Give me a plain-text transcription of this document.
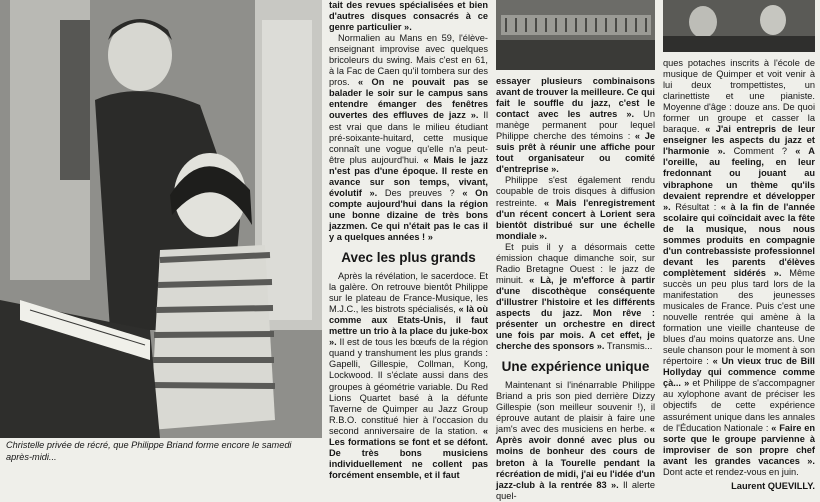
Christelle privée de récré, que Philippe Briand forme encore le samedi après-midi...

tait des revues spécialisées et bien d'autres disques consacrés à ce genre particulier ».

Normalien au Mans en 59, l'élève-enseignant improvise avec quelques bricoleurs du swing. Mais c'est en 61, à la Fac de Caen qu'il tombera sur des pros. « On ne pouvait pas se balader le soir sur le campus sans entendre émanger des fenêtres ouvertes des effluves de jazz ». Il est vrai que dans le milieu étudiant pré-soixante-huitard, cette musique connaît une vogue qu'elle n'a peut-être plus aujourd'hui. « Mais le jazz n'est pas d'une époque. Il reste en avance sur son temps, vivant, évolutif ». Des preuves ? « On compte aujourd'hui dans la région une bonne dizaine de très bons jazzmen. Ce qui n'était pas le cas il y a quelques années ! »

Avec les plus grands

Après la révélation, le sacerdoce. Et la galère. On retrouve bientôt Philippe sur le plateau de France-Musique, les M.J.C., les bistrots spécialisés, « là où comme aux Etats-Unis, il faut mettre un trio à la place du juke-box ». Il est de tous les bœufs de la région quand y transhument les plus grands : Gapelli, Gillespie, Collman, Kong, Lockwood. Il s'éclate aussi dans des groupes à géométrie variable. Du Red Lions Quartet basé à la défunte Taverne de Quimper au Jazz Group R.B.O. constitué hier à l'occasion du second anniversaire de la station. « Les formations se font et se défont. De très bons musiciens individuellement ne collent pas forcément ensemble, et il faut

essayer plusieurs combinaisons avant de trouver la meilleure. Ce qui fait le souffle du jazz, c'est le contact avec les autres ». Un manège permanent pour lequel Philippe cherche des témoins : « Je suis prêt à réunir une affiche pour tout organisateur ou comité d'entreprise ».

Philippe s'est également rendu coupable de trois disques à diffusion restreinte. « Mais l'enregistrement d'un récent concert à Lorient sera bientôt distribué sur une échelle mondiale ».

Et puis il y a désormais cette émission chaque dimanche soir, sur Radio Bretagne Ouest : le jazz de minuit. « Là, je m'efforce à partir d'une discothèque conséquente d'illustrer l'histoire et les différents aspects du jazz. Mon rêve : présenter un orchestre en direct une fois par mois. A cet effet, je cherche des sponsors ». Transmis...

Une expérience unique

Maintenant si l'inénarrable Philippe Briand a pris son pied derrière Dizzy Gillespie (son meilleur souvenir !), il éprouve autant de plaisir à faire une jam's avec des musiciens en herbe. « Après avoir donné avec plus ou moins de bonheur des cours de breton à la Tourelle pendant la récréation de midi, j'ai eu l'idée d'un jazz-club à la rentrée 83 ». Il alerte quel-

ques potaches inscrits à l'école de musique de Quimper et voit venir à lui deux trompettistes, un clarinettiste et une pianiste. Moyenne d'âge : douze ans. De quoi former un groupe et casser la baraque. « J'ai entrepris de leur enseigner les aspects du jazz et l'harmonie ». Comment ? « A l'oreille, au feeling, en leur fredonnant ou jouant au vibraphone un thème qu'ils devaient reprendre et développer ». Résultat : « à la fin de l'année scolaire qui coïncidait avec la fête de la musique, nous nous sommes produits en compagnie d'un contrebassiste professionnel devant les parents d'élèves complètement sidérés ». Même succès un peu plus tard lors de la manifestation des jeunesses musicales de France. Puis c'est une nouvelle rentrée qui amène à la formation une vieille chanteuse de blues d'au moins quatorze ans. Une seule chanson pour le moment à son répertoire : « Un vieux truc de Bill Hollyday qui commence comme çà... » et Philippe de s'accompagner au xylophone avant de préciser les objectifs de cette expérience assurément unique dans les annales de l'Éducation Nationale : « Faire en sorte que le groupe parvienne à improviser de son propre chef avant les grandes vacances ». Dont acte et rendez-vous en juin.

Laurent QUEVILLY.
